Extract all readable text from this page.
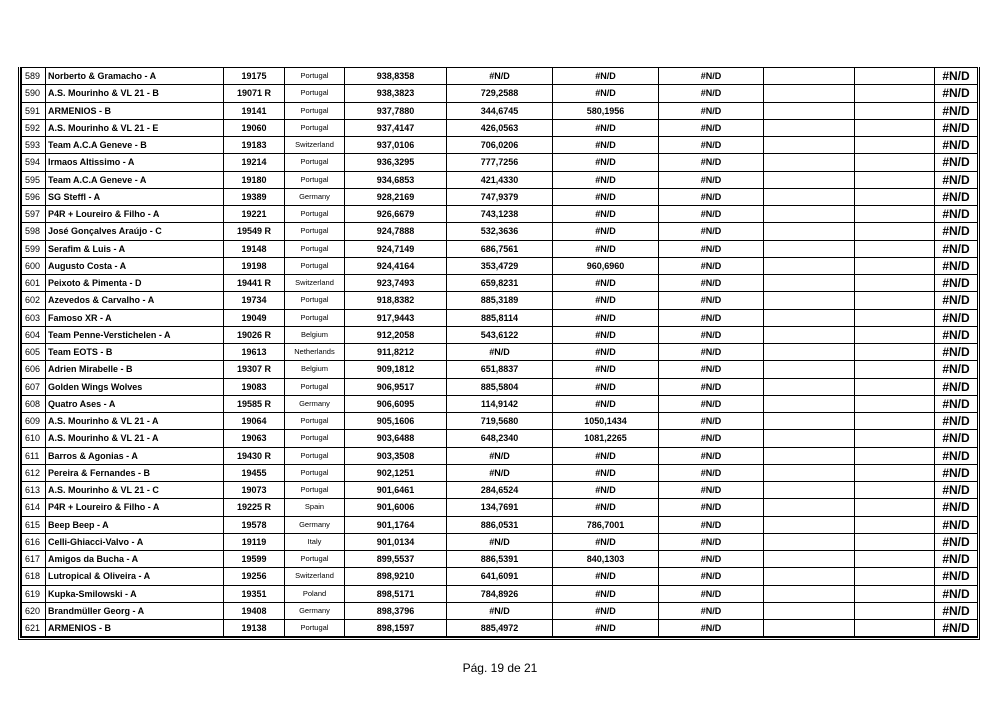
589	Norberto & Gramacho - A	19175	Portugal	938,8358	#N/D	#N/D	#N/D			#N/D
590	A.S. Mourinho & VL 21 - B	19071 R	Portugal	938,3823	729,2588	#N/D	#N/D			#N/D
591	ARMENIOS - B	19141	Portugal	937,7880	344,6745	580,1956	#N/D			#N/D
592	A.S. Mourinho & VL 21 - E	19060	Portugal	937,4147	426,0563	#N/D	#N/D			#N/D
593	Team A.C.A Geneve - B	19183	Switzerland	937,0106	706,0206	#N/D	#N/D			#N/D
594	Irmaos Altissimo - A	19214	Portugal	936,3295	777,7256	#N/D	#N/D			#N/D
595	Team A.C.A Geneve - A	19180	Portugal	934,6853	421,4330	#N/D	#N/D			#N/D
596	SG Steffl - A	19389	Germany	928,2169	747,9379	#N/D	#N/D			#N/D
597	P4R + Loureiro & Filho - A	19221	Portugal	926,6679	743,1238	#N/D	#N/D			#N/D
598	José Gonçalves Araújo - C	19549 R	Portugal	924,7888	532,3636	#N/D	#N/D			#N/D
599	Serafim & Luis - A	19148	Portugal	924,7149	686,7561	#N/D	#N/D			#N/D
600	Augusto Costa - A	19198	Portugal	924,4164	353,4729	960,6960	#N/D			#N/D
601	Peixoto & Pimenta - D	19441 R	Switzerland	923,7493	659,8231	#N/D	#N/D			#N/D
602	Azevedos & Carvalho - A	19734	Portugal	918,8382	885,3189	#N/D	#N/D			#N/D
603	Famoso XR - A	19049	Portugal	917,9443	885,8114	#N/D	#N/D			#N/D
604	Team Penne-Verstichelen - A	19026 R	Belgium	912,2058	543,6122	#N/D	#N/D			#N/D
605	Team EOTS - B	19613	Netherlands	911,8212	#N/D	#N/D	#N/D			#N/D
606	Adrien Mirabelle - B	19307 R	Belgium	909,1812	651,8837	#N/D	#N/D			#N/D
607	Golden Wings Wolves	19083	Portugal	906,9517	885,5804	#N/D	#N/D			#N/D
608	Quatro Ases - A	19585 R	Germany	906,6095	114,9142	#N/D	#N/D			#N/D
609	A.S. Mourinho & VL 21 - A	19064	Portugal	905,1606	719,5680	1050,1434	#N/D			#N/D
610	A.S. Mourinho & VL 21 - A	19063	Portugal	903,6488	648,2340	1081,2265	#N/D			#N/D
611	Barros & Agonias - A	19430 R	Portugal	903,3508	#N/D	#N/D	#N/D			#N/D
612	Pereira & Fernandes - B	19455	Portugal	902,1251	#N/D	#N/D	#N/D			#N/D
613	A.S. Mourinho & VL 21 - C	19073	Portugal	901,6461	284,6524	#N/D	#N/D			#N/D
614	P4R + Loureiro & Filho - A	19225 R	Spain	901,6006	134,7691	#N/D	#N/D			#N/D
615	Beep Beep - A	19578	Germany	901,1764	886,0531	786,7001	#N/D			#N/D
616	Celli-Ghiacci-Valvo - A	19119	Italy	901,0134	#N/D	#N/D	#N/D			#N/D
617	Amigos da Bucha - A	19599	Portugal	899,5537	886,5391	840,1303	#N/D			#N/D
618	Lutropical & Oliveira - A	19256	Switzerland	898,9210	641,6091	#N/D	#N/D			#N/D
619	Kupka-Smilowski - A	19351	Poland	898,5171	784,8926	#N/D	#N/D			#N/D
620	Brandmüller Georg - A	19408	Germany	898,3796	#N/D	#N/D	#N/D			#N/D
621	ARMENIOS - B	19138	Portugal	898,1597	885,4972	#N/D	#N/D			#N/D
Pág. 19 de 21
